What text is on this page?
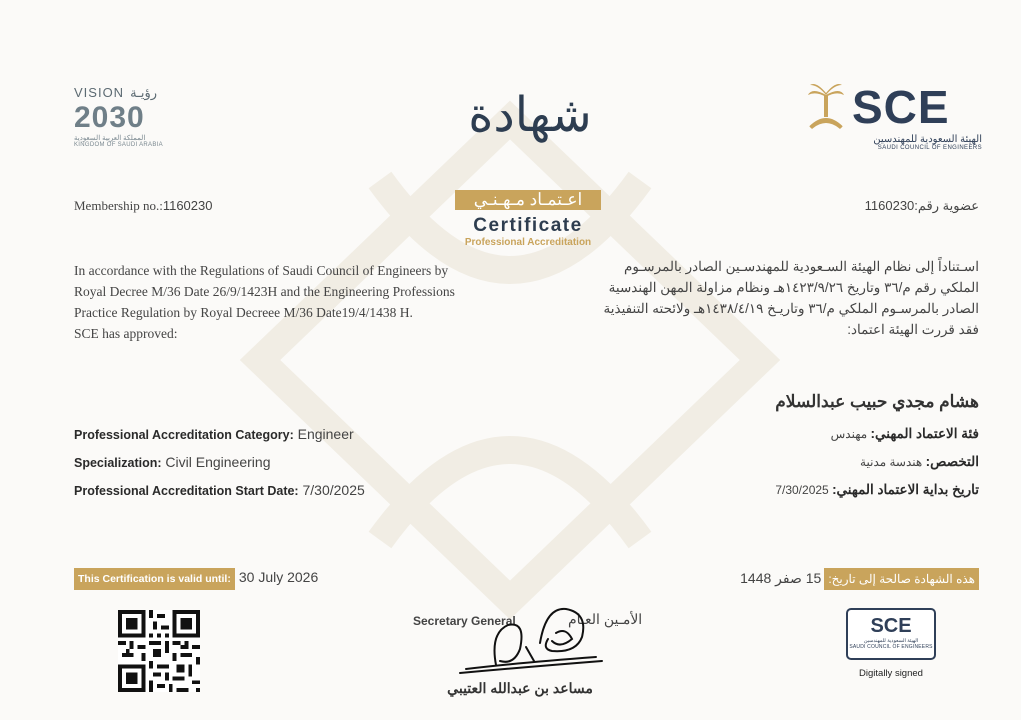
VISION رؤيـة
2030
المملكة العربية السعودية
KINGDOM OF SAUDI ARABIA
شهادة
اعـتمـاد مـهـنـي
Certificate
Professional Accreditation
SCE
الهيئة السعودية للمهندسين
SAUDI COUNCIL OF ENGINEERS
Membership no.:1160230	عضوية رقم:1160230
In accordance with the Regulations of Saudi Council of Engineers by
Royal Decree M/36 Date 26/9/1423H and the Engineering Professions
Practice Regulation by Royal Decreee M/36 Date19/4/1438 H.
SCE has approved:
اسـتناداً إلى نظام الهيئة السـعودية للمهندسـين الصادر بالمرسـوم
الملكي رقم م/٣٦ وتاريخ ١٤٢٣/٩/٢٦هـ ونظام مزاولة المهن الهندسية
الصادر بالمرسـوم الملكي م/٣٦ وتاريـخ ١٤٣٨/٤/١٩هـ ولائحته التنفيذية
فقد قررت الهيئة اعتماد:
هشام مجدي حبيب عبدالسلام
Professional Accreditation Category: Engineer	فئة الاعتماد المهني: مهندس
Specialization: Civil Engineering	التخصص: هندسة مدنية
Professional Accreditation Start Date: 7/30/2025	تاريخ بداية الاعتماد المهني: 7/30/2025
This Certification is valid until: 30 July 2026	هذه الشهادة صالحة إلى تاريخ:15 صفر 1448
Secretary General	الأمـين العـام
مساعد بن عبدالله العتيبي
SCE
الهيئة السعودية للمهندسين
SAUDI COUNCIL OF ENGINEERS
Digitally signed
